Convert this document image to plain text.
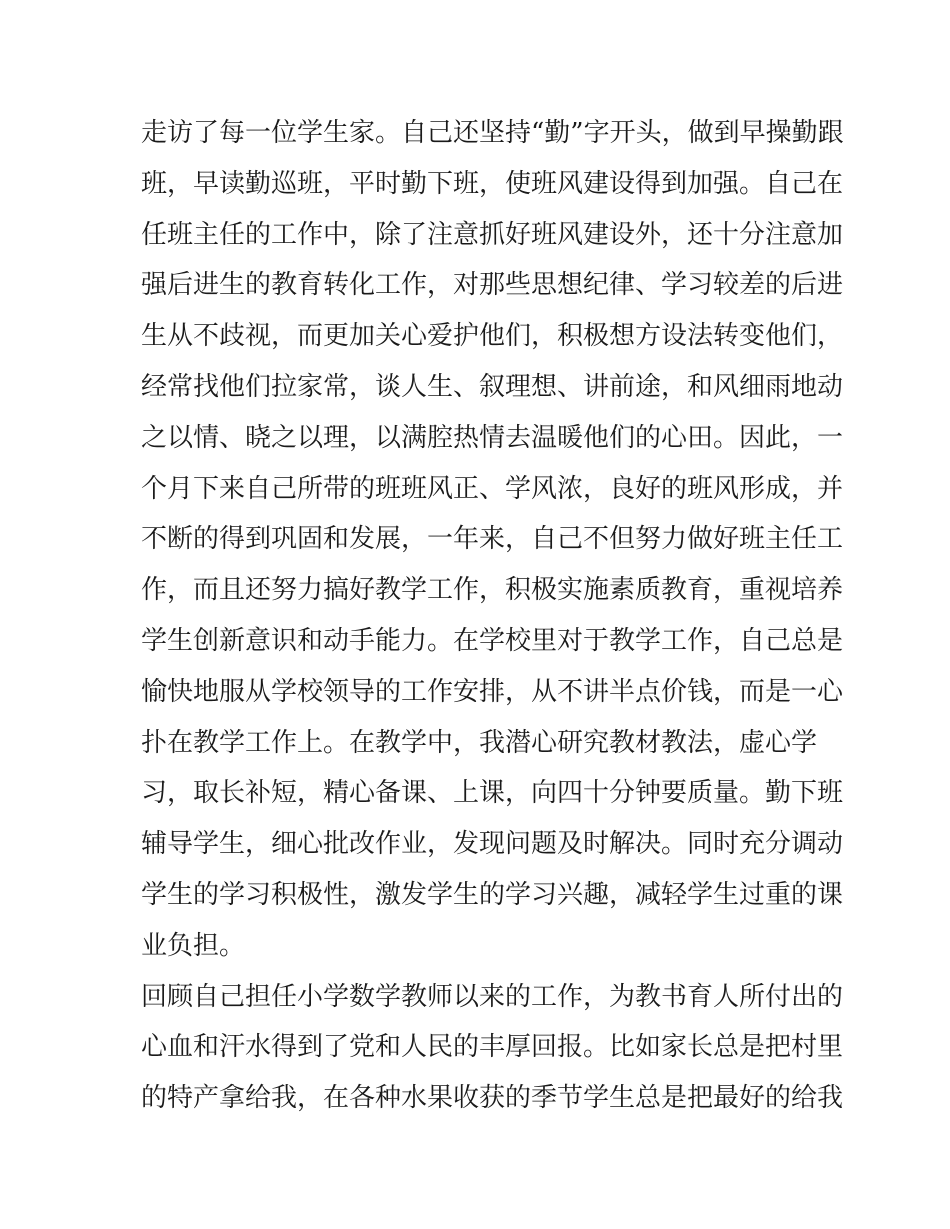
走访了每一位学生家。自己还坚持“勤”字开头，做到早操勤跟
班，早读勤巡班，平时勤下班，使班风建设得到加强。自己在
任班主任的工作中，除了注意抓好班风建设外，还十分注意加
强后进生的教育转化工作，对那些思想纪律、学习较差的后进
生从不歧视，而更加关心爱护他们，积极想方设法转变他们，
经常找他们拉家常，谈人生、叙理想、讲前途，和风细雨地动
之以情、晓之以理，以满腔热情去温暖他们的心田。因此，一
个月下来自己所带的班班风正、学风浓，良好的班风形成，并
不断的得到巩固和发展，一年来，自己不但努力做好班主任工
作，而且还努力搞好教学工作，积极实施素质教育，重视培养
学生创新意识和动手能力。在学校里对于教学工作，自己总是
愉快地服从学校领导的工作安排，从不讲半点价钱，而是一心
扑在教学工作上。在教学中，我潜心研究教材教法，虚心学
习，取长补短，精心备课、上课，向四十分钟要质量。勤下班
辅导学生，细心批改作业，发现问题及时解决。同时充分调动
学生的学习积极性，激发学生的学习兴趣，减轻学生过重的课
业负担。
回顾自己担任小学数学教师以来的工作，为教书育人所付出的
心血和汗水得到了党和人民的丰厚回报。比如家长总是把村里
的特产拿给我，在各种水果收获的季节学生总是把最好的给我
